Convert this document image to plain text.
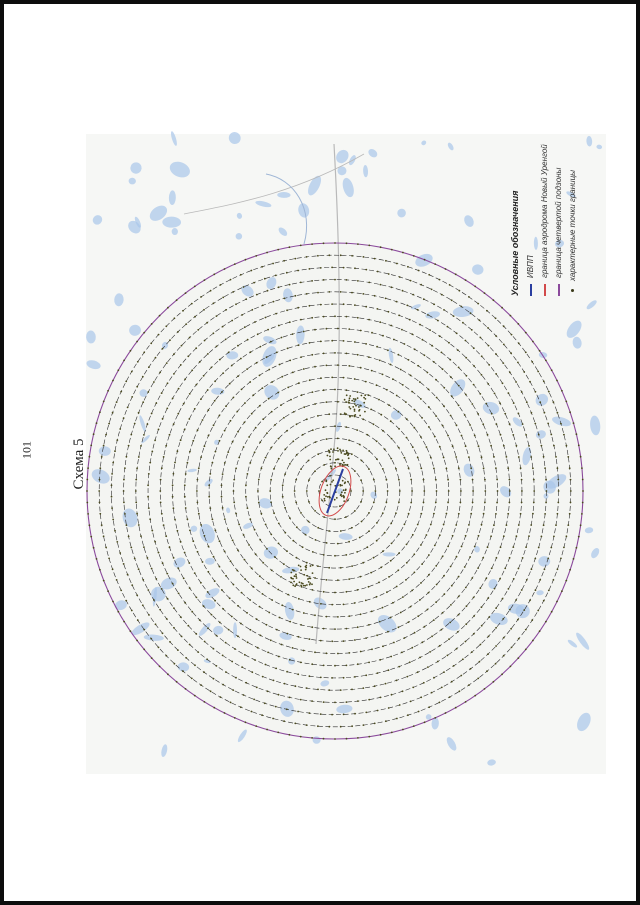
101	Схема 5
Условные обозначения ИВПП граница аэродрома Новый Уренгой граница четвертой подзоны характерные точки границы
